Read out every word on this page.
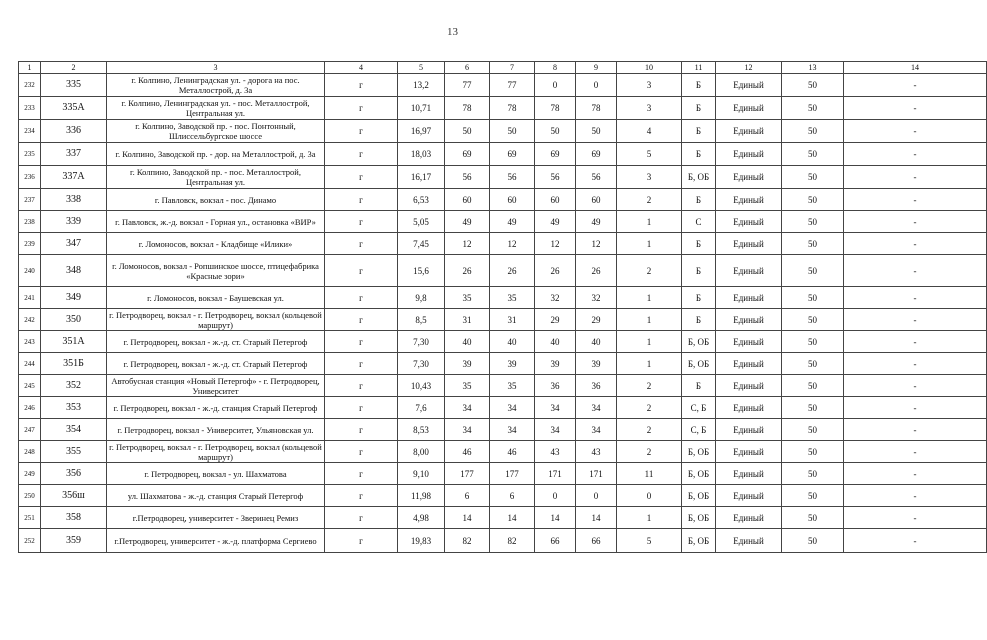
13
1	2	3	4	5	6	7	8	9	10	11	12	13	14
232	335	г. Колпино, Ленинградская ул. - дорога на пос. Металлострой, д. 3а	г	13,2	77	77	0	0	3	Б	Единый	50	-
233	335А	г. Колпино, Ленинградская ул. - пос. Металлострой, Центральная ул.	г	10,71	78	78	78	78	3	Б	Единый	50	-
234	336	г. Колпино, Заводской пр. - пос. Понтонный, Шлиссельбургское шоссе	г	16,97	50	50	50	50	4	Б	Единый	50	-
235	337	г. Колпино, Заводской пр. - дор. на Металлострой, д. 3а	г	18,03	69	69	69	69	5	Б	Единый	50	-
236	337А	г. Колпино, Заводской пр. - пос. Металлострой, Центральная ул.	г	16,17	56	56	56	56	3	Б, ОБ	Единый	50	-
237	338	г. Павловск, вокзал - пос. Динамо	г	6,53	60	60	60	60	2	Б	Единый	50	-
238	339	г. Павловск, ж.-д. вокзал - Горная ул., остановка «ВИР»	г	5,05	49	49	49	49	1	С	Единый	50	-
239	347	г. Ломоносов, вокзал - Кладбище «Илики»	г	7,45	12	12	12	12	1	Б	Единый	50	-
240	348	г. Ломоносов, вокзал - Ропшинское шоссе, птицефабрика «Красные зори»	г	15,6	26	26	26	26	2	Б	Единый	50	-
241	349	г. Ломоносов, вокзал - Баушевская ул.	г	9,8	35	35	32	32	1	Б	Единый	50	-
242	350	г. Петродворец, вокзал - г. Петродворец, вокзал (кольцевой маршрут)	г	8,5	31	31	29	29	1	Б	Единый	50	-
243	351А	г. Петродворец, вокзал - ж.-д. ст. Старый Петергоф	г	7,30	40	40	40	40	1	Б, ОБ	Единый	50	-
244	351Б	г. Петродворец, вокзал - ж.-д. ст. Старый Петергоф	г	7,30	39	39	39	39	1	Б, ОБ	Единый	50	-
245	352	Автобусная станция «Новый Петергоф» - г. Петродворец, Университет	г	10,43	35	35	36	36	2	Б	Единый	50	-
246	353	г. Петродворец, вокзал - ж.-д. станция Старый Петергоф	г	7,6	34	34	34	34	2	С, Б	Единый	50	-
247	354	г. Петродворец, вокзал - Университет, Ульяновская ул.	г	8,53	34	34	34	34	2	С, Б	Единый	50	-
248	355	г. Петродворец, вокзал - г. Петродворец, вокзал (кольцевой маршрут)	г	8,00	46	46	43	43	2	Б, ОБ	Единый	50	-
249	356	г. Петродворец, вокзал - ул. Шахматова	г	9,10	177	177	171	171	11	Б, ОБ	Единый	50	-
250	356ш	ул. Шахматова - ж.-д. станция Старый Петергоф	г	11,98	6	6	0	0	0	Б, ОБ	Единый	50	-
251	358	г.Петродворец, университет - Зверинец Ремиз	г	4,98	14	14	14	14	1	Б, ОБ	Единый	50	-
252	359	г.Петродворец, университет - ж.-д. платформа Сергиево	г	19,83	82	82	66	66	5	Б, ОБ	Единый	50	-
